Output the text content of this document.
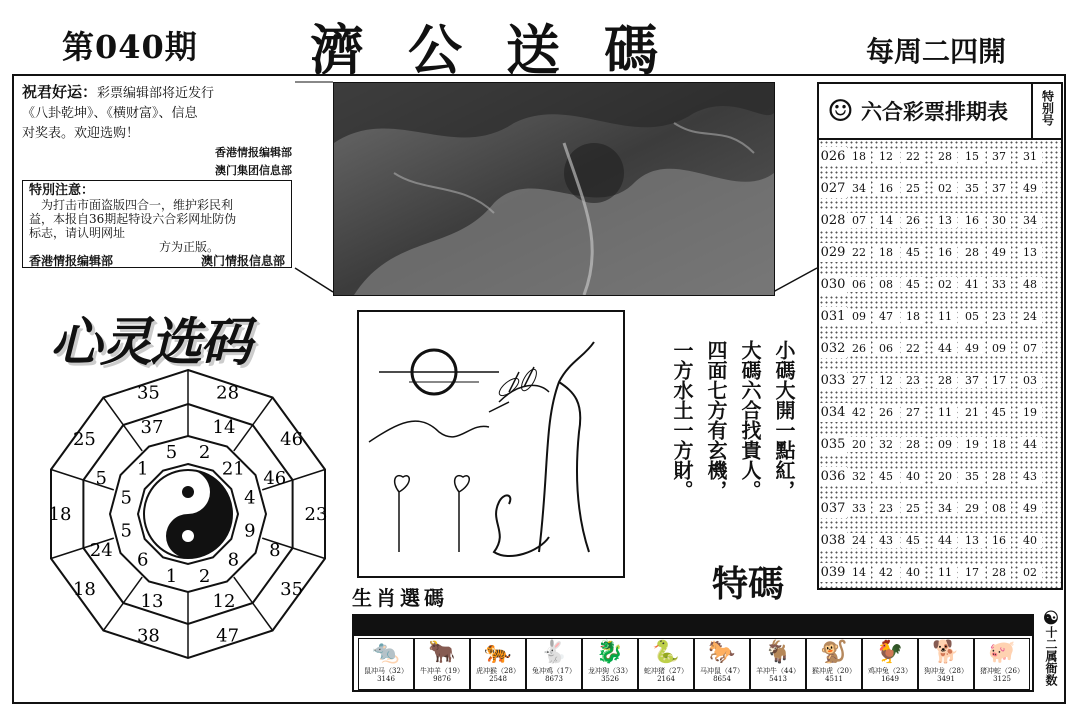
第040期 濟公送碼	每周二四開
祝君好运：彩票编辑部将近发行
《八卦乾坤》、《横财富》、信息
对奖表。欢迎选购！
香港情报编辑部
澳门集团信息部
特別注意：
为打击市面盗版四合一，维护彩民利
益，本报自36期起特设六合彩网址防伪
标志，请认明网址
方为正版。
香港情报编辑部	澳门情报信息部
心灵选码
28
46
23
35
47
38
18
18
25
35
14
46
8
12
13
24
5
37
2
21
4
9
8
2
1
6
5
5
1
5	小碼大開一點紅，
大碼六合找貴人。
四面七方有玄機，
一方水土一方財。
特碼
生肖選碼
☺ 六合彩票排期表	特别号
026 18	12	22	28	15	37	31
027 34	16	25	02	35	37	49
028 07	14	26	13	16	30	34
029 22	18	45	16	28	49	13
030 06	08	45	02	41	33	48
031 09	47	18	11	05	23	24
032 26	06	22	44	49	09	07
033 27	12	23	28	37	17	03
034 42	26	27	11	21	45	19
035 20	32	28	09	19	18	44
036 32	45	40	20	35	28	43
037 33	23	25	34	29	08	49
038 24	43	45	44	13	16	40
039 14	42	40	11	17	28	02
🐀
鼠冲马（32）
3146
🐂
牛冲羊（19）
9876
🐅
虎冲猴（28）
2548
🐇
兔冲鸡（17）
8673
🐉
龙冲狗（33）
3526
🐍
蛇冲猪（27）
2164
🐎
马冲鼠（47）
8654
🐐
羊冲牛（44）
5413
🐒
猴冲虎（20）
4511
🐓
鸡冲兔（23）
1649
🐕
狗冲龙（28）
3491
🐖
猪冲蛇（26）
3125
☯
十二属衙数
